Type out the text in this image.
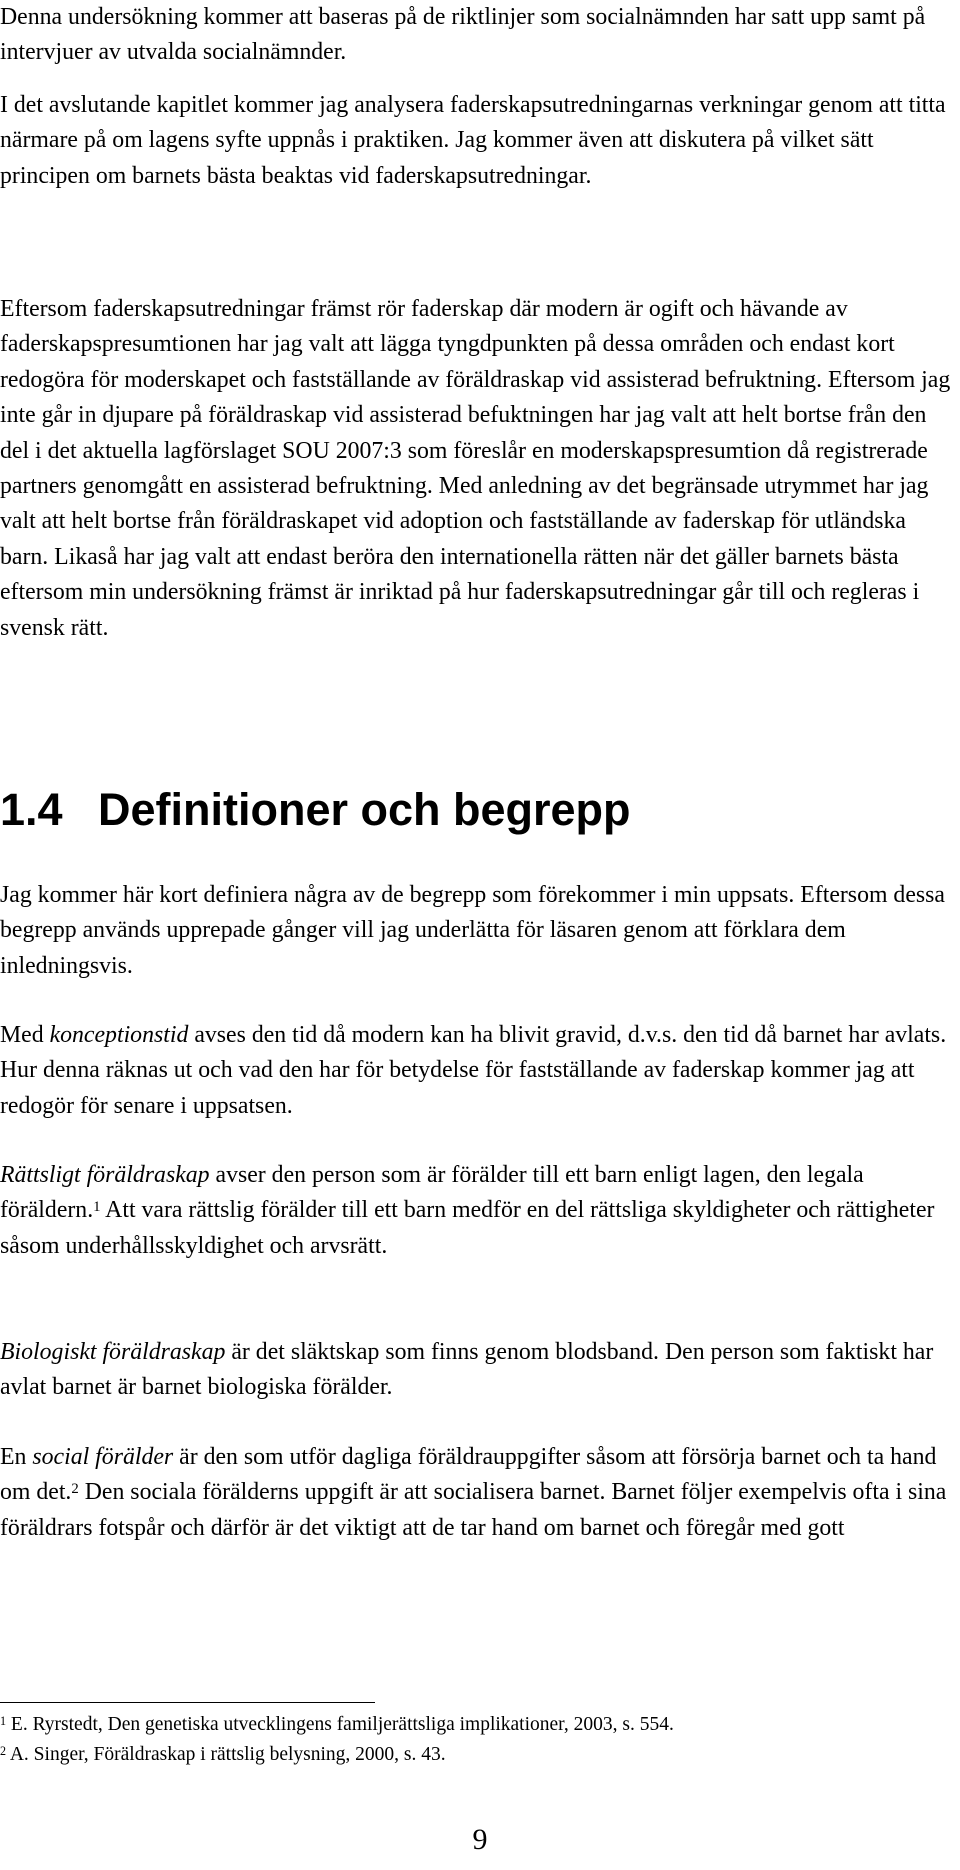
Denna undersökning kommer att baseras på de riktlinjer som socialnämnden har satt upp samt på intervjuer av utvalda socialnämnder.

I det avslutande kapitlet kommer jag analysera faderskapsutredningarnas verkningar genom att titta närmare på om lagens syfte uppnås i praktiken. Jag kommer även att diskutera på vilket sätt principen om barnets bästa beaktas vid faderskapsutredningar.

Eftersom faderskapsutredningar främst rör faderskap där modern är ogift och hävande av faderskapspresumtionen har jag valt att lägga tyngdpunkten på dessa områden och endast kort redogöra för moderskapet och fastställande av föräldraskap vid assisterad befruktning. Eftersom jag inte går in djupare på föräldraskap vid assisterad befuktningen har jag valt att helt bortse från den del i det aktuella lagförslaget SOU 2007:3 som föreslår en moderskapspresumtion då registrerade partners genomgått en assisterad befruktning. Med anledning av det begränsade utrymmet har jag valt att helt bortse från föräldraskapet vid adoption och fastställande av faderskap för utländska barn. Likaså har jag valt att endast beröra den internationella rätten när det gäller barnets bästa eftersom min undersökning främst är inriktad på hur faderskapsutredningar går till och regleras i svensk rätt.

1.4 Definitioner och begrepp

Jag kommer här kort definiera några av de begrepp som förekommer i min uppsats. Eftersom dessa begrepp används upprepade gånger vill jag underlätta för läsaren genom att förklara dem inledningsvis.

Med konceptionstid avses den tid då modern kan ha blivit gravid, d.v.s. den tid då barnet har avlats. Hur denna räknas ut och vad den har för betydelse för fastställande av faderskap kommer jag att redogör för senare i uppsatsen.

Rättsligt föräldraskap avser den person som är förälder till ett barn enligt lagen, den legala föräldern.$^1$ Att vara rättslig förälder till ett barn medför en del rättsliga skyldigheter och rättigheter såsom underhållsskyldighet och arvsrätt.

Biologiskt föräldraskap är det släktskap som finns genom blodsband. Den person som faktiskt har avlat barnet är barnet biologiska förälder.

En social förälder är den som utför dagliga föräldrauppgifter såsom att försörja barnet och ta hand om det.$^2$ Den sociala förälderns uppgift är att socialisera barnet. Barnet följer exempelvis ofta i sina föräldrars fotspår och därför är det viktigt att de tar hand om barnet och föregår med gott

$^1$ E. Ryrstedt, Den genetiska utvecklingens familjerättsliga implikationer, 2003, s. 554.

$^2$ A. Singer, Föräldraskap i rättslig belysning, 2000, s. 43.

9
